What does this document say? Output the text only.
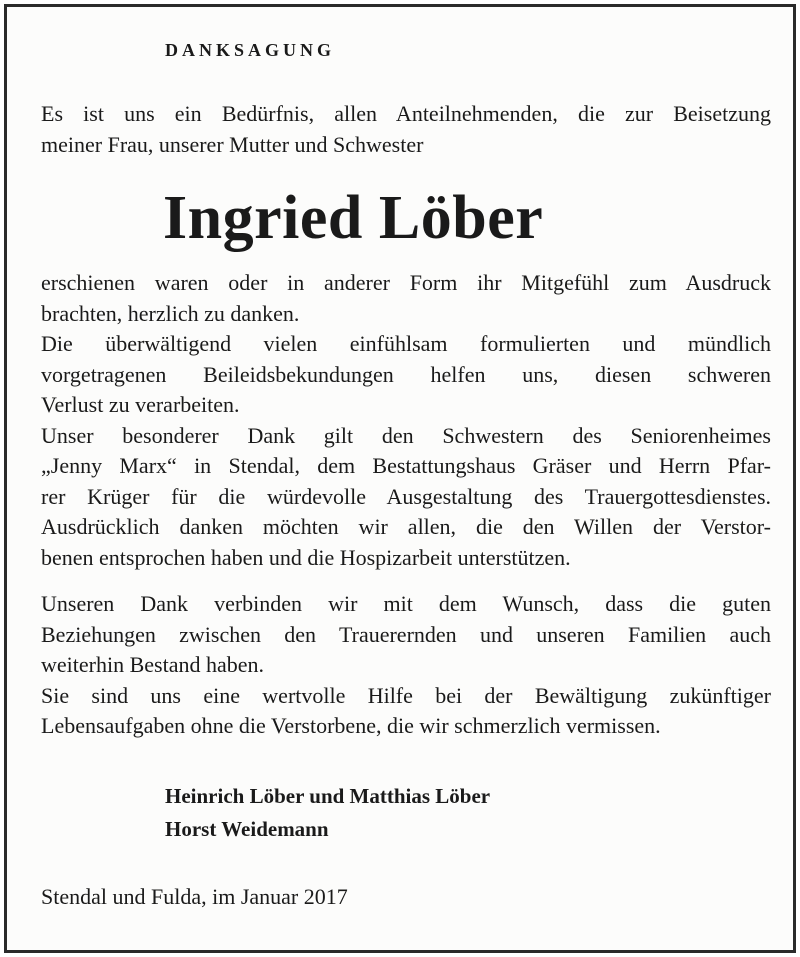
DANKSAGUNG
Es ist uns ein Bedürfnis, allen Anteilnehmenden, die zur Beisetzung
meiner Frau, unserer Mutter und Schwester
Ingried Löber
erschienen waren oder in anderer Form ihr Mitgefühl zum Ausdruck
brachten, herzlich zu danken.
Die überwältigend vielen einfühlsam formulierten und mündlich
vorgetragenen Beileidsbekundungen helfen uns, diesen schweren
Verlust zu verarbeiten.
Unser besonderer Dank gilt den Schwestern des Seniorenheimes
„Jenny Marx“ in Stendal, dem Bestattungshaus Gräser und Herrn Pfar-
rer Krüger für die würdevolle Ausgestaltung des Trauergottesdienstes.
Ausdrücklich danken möchten wir allen, die den Willen der Verstor-
benen entsprochen haben und die Hospizarbeit unterstützen.
Unseren Dank verbinden wir mit dem Wunsch, dass die guten
Beziehungen zwischen den Trauerernden und unseren Familien auch
weiterhin Bestand haben.
Sie sind uns eine wertvolle Hilfe bei der Bewältigung zukünftiger
Lebensaufgaben ohne die Verstorbene, die wir schmerzlich vermissen.
Heinrich Löber und Matthias Löber
Horst Weidemann
Stendal und Fulda, im Januar 2017
